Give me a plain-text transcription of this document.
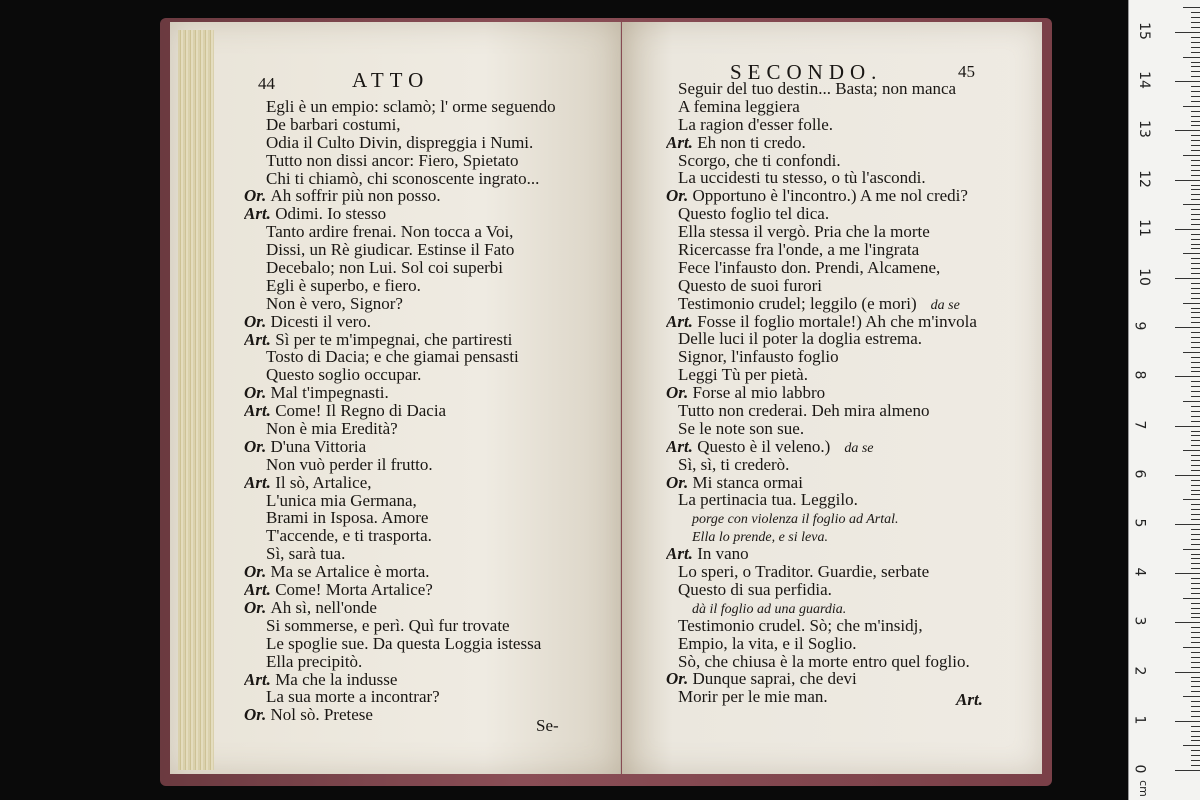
44	ATTO	SECONDO.	45
Egli è un empio: sclamò; l' orme seguendo
De barbari costumi,
Odia il Culto Divin, dispreggia i Numi.
Tutto non dissi ancor: Fiero, Spietato
Chi ti chiamò, chi sconoscente ingrato...
Or. Ah soffrir più non posso.
Art. Odimi. Io stesso
Tanto ardire frenai. Non tocca a Voi,
Dissi, un Rè giudicar. Estinse il Fato
Decebalo; non Lui. Sol coi superbi
Egli è superbo, e fiero.
Non è vero, Signor?
Or. Dicesti il vero.
Art. Sì per te m'impegnai, che partiresti
Tosto di Dacia; e che giamai pensasti
Questo soglio occupar.
Or. Mal t'impegnasti.
Art. Come! Il Regno di Dacia
Non è mia Eredità?
Or. D'una Vittoria
Non vuò perder il frutto.
Art. Il sò, Artalice,
L'unica mia Germana,
Brami in Isposa. Amore
T'accende, e ti trasporta.
Sì, sarà tua.
Or. Ma se Artalice è morta.
Art. Come! Morta Artalice?
Or. Ah sì, nell'onde
Si sommerse, e perì. Quì fur trovate
Le spoglie sue. Da questa Loggia istessa
Ella precipitò.
Art. Ma che la indusse
La sua morte a incontrar?
Or. Nol sò. Pretese
Seguir del tuo destin... Basta; non manca
A femina leggiera
La ragion d'esser folle.
Art. Eh non ti credo.
Scorgo, che ti confondi.
La uccidesti tu stesso, o tù l'ascondi.
Or. Opportuno è l'incontro.) A me nol credi?
Questo foglio tel dica.
Ella stessa il vergò. Pria che la morte
Ricercasse fra l'onde, a me l'ingrata
Fece l'infausto don. Prendi, Alcamene,
Questo de suoi furori
Testimonio crudel; leggilo (e mori) da se
Art. Fosse il foglio mortale!) Ah che m'involа
Delle luci il poter la doglia estrema.
Signor, l'infausto foglio
Leggi Tù per pietà.
Or. Forse al mio labbro
Tutto non crederai. Deh mira almeno
Se le note son sue.
Art. Questo è il veleno.) da se
Sì, sì, ti crederò.
Or. Mi stanca ormai
La pertinacia tua. Leggilo.
porge con violenza il foglio ad Artal.
Ella lo prende, e si leva.
Art. In vano
Lo speri, o Traditor. Guardie, serbate
Questo di sua perfidia.
dà il foglio ad una guardia.
Testimonio crudel. Sò; che m'insidj,
Empio, la vita, e il Soglio.
Sò, che chiusa è la morte entro quel foglio.
Or. Dunque saprai, che devi
Morir per le mie man.
Se-
Art.
0
1
2
3
4
5
6
7
8
9
10
11
12
13
14
15
cm
